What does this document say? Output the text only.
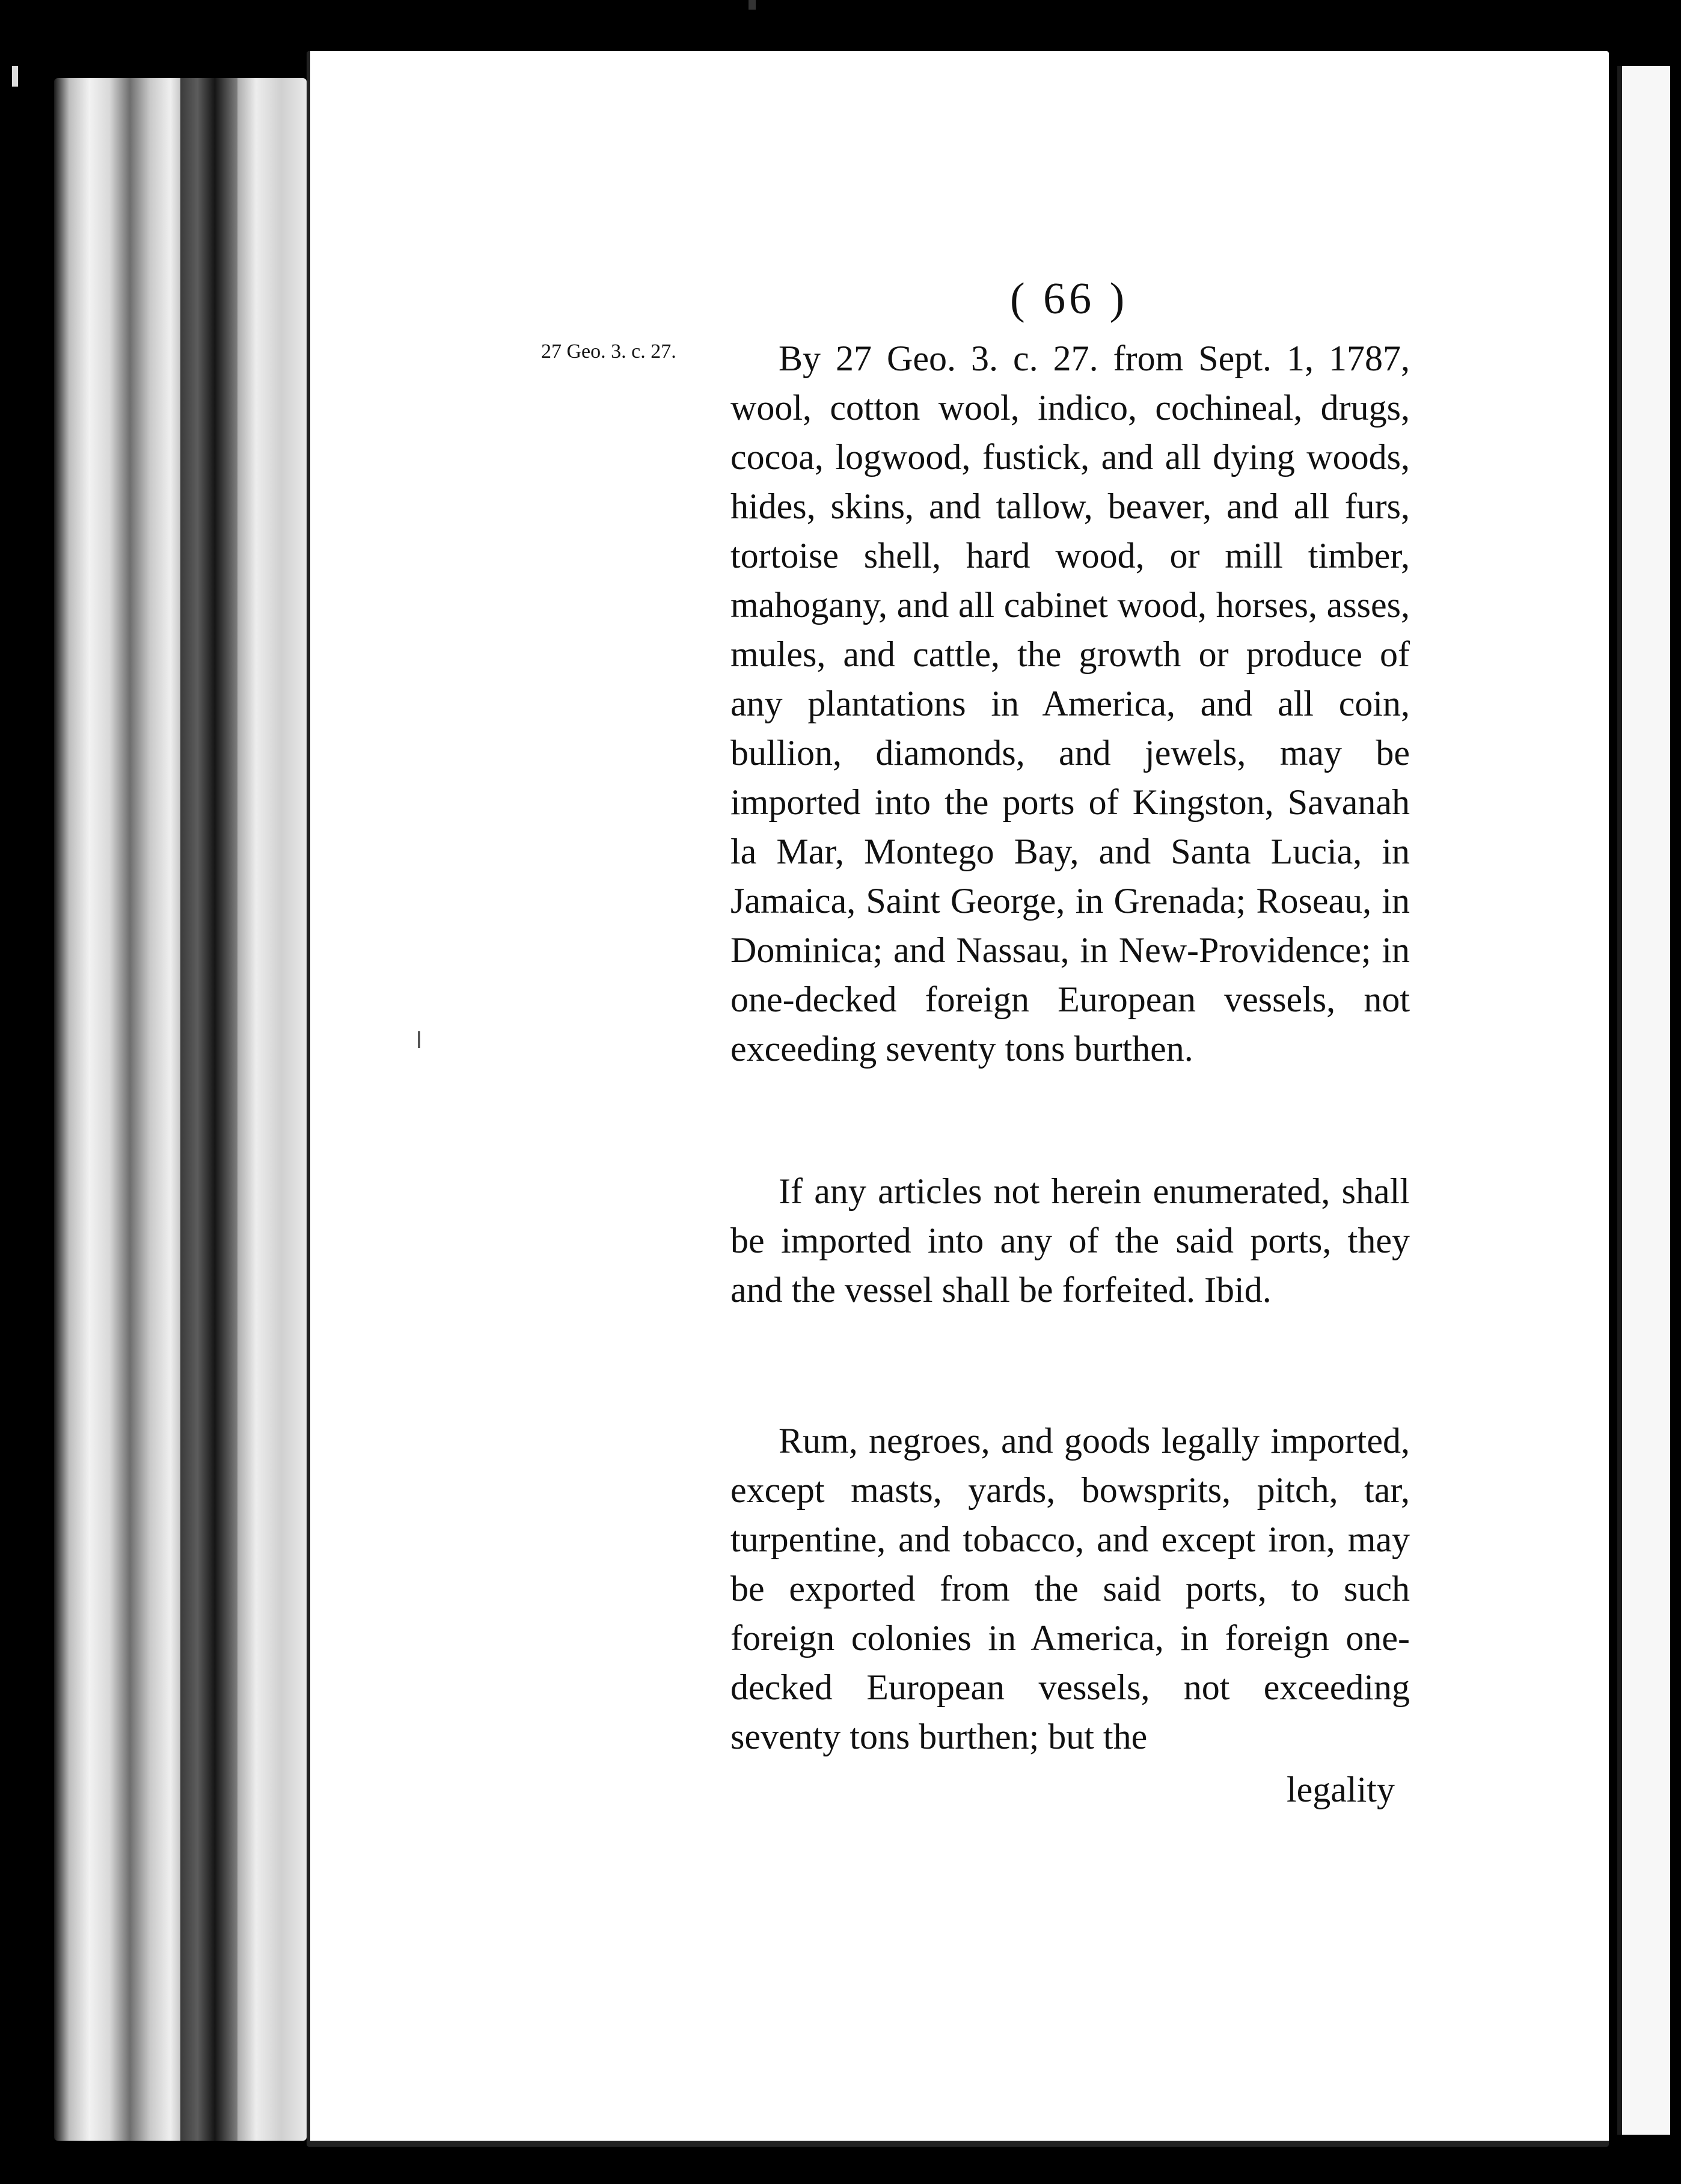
( 66 )

27 Geo. 3. c. 27.	By 27 Geo. 3. c. 27. from Sept. 1, 1787, wool, cotton wool, indico, cochineal, drugs, cocoa, logwood, fustick, and all dying woods, hides, skins, and tallow, beaver, and all furs, tortoise shell, hard wood, or mill timber, mahogany, and all cabinet wood, horses, asses, mules, and cattle, the growth or produce of any plantations in America, and all coin, bullion, diamonds, and jewels, may be imported into the ports of Kingston, Savanah la Mar, Montego Bay, and Santa Lucia, in Jamaica, Saint George, in Grenada; Roseau, in Dominica; and Nassau, in New-Providence; in one-decked foreign European vessels, not exceeding seventy tons burthen.

If any articles not herein enumerated, shall be imported into any of the said ports, they and the vessel shall be forfeited. Ibid.

Rum, negroes, and goods legally imported, except masts, yards, bowsprits, pitch, tar, turpentine, and tobacco, and except iron, may be exported from the said ports, to such foreign colonies in America, in foreign one-decked European vessels, not exceeding seventy tons burthen; but the

legality
